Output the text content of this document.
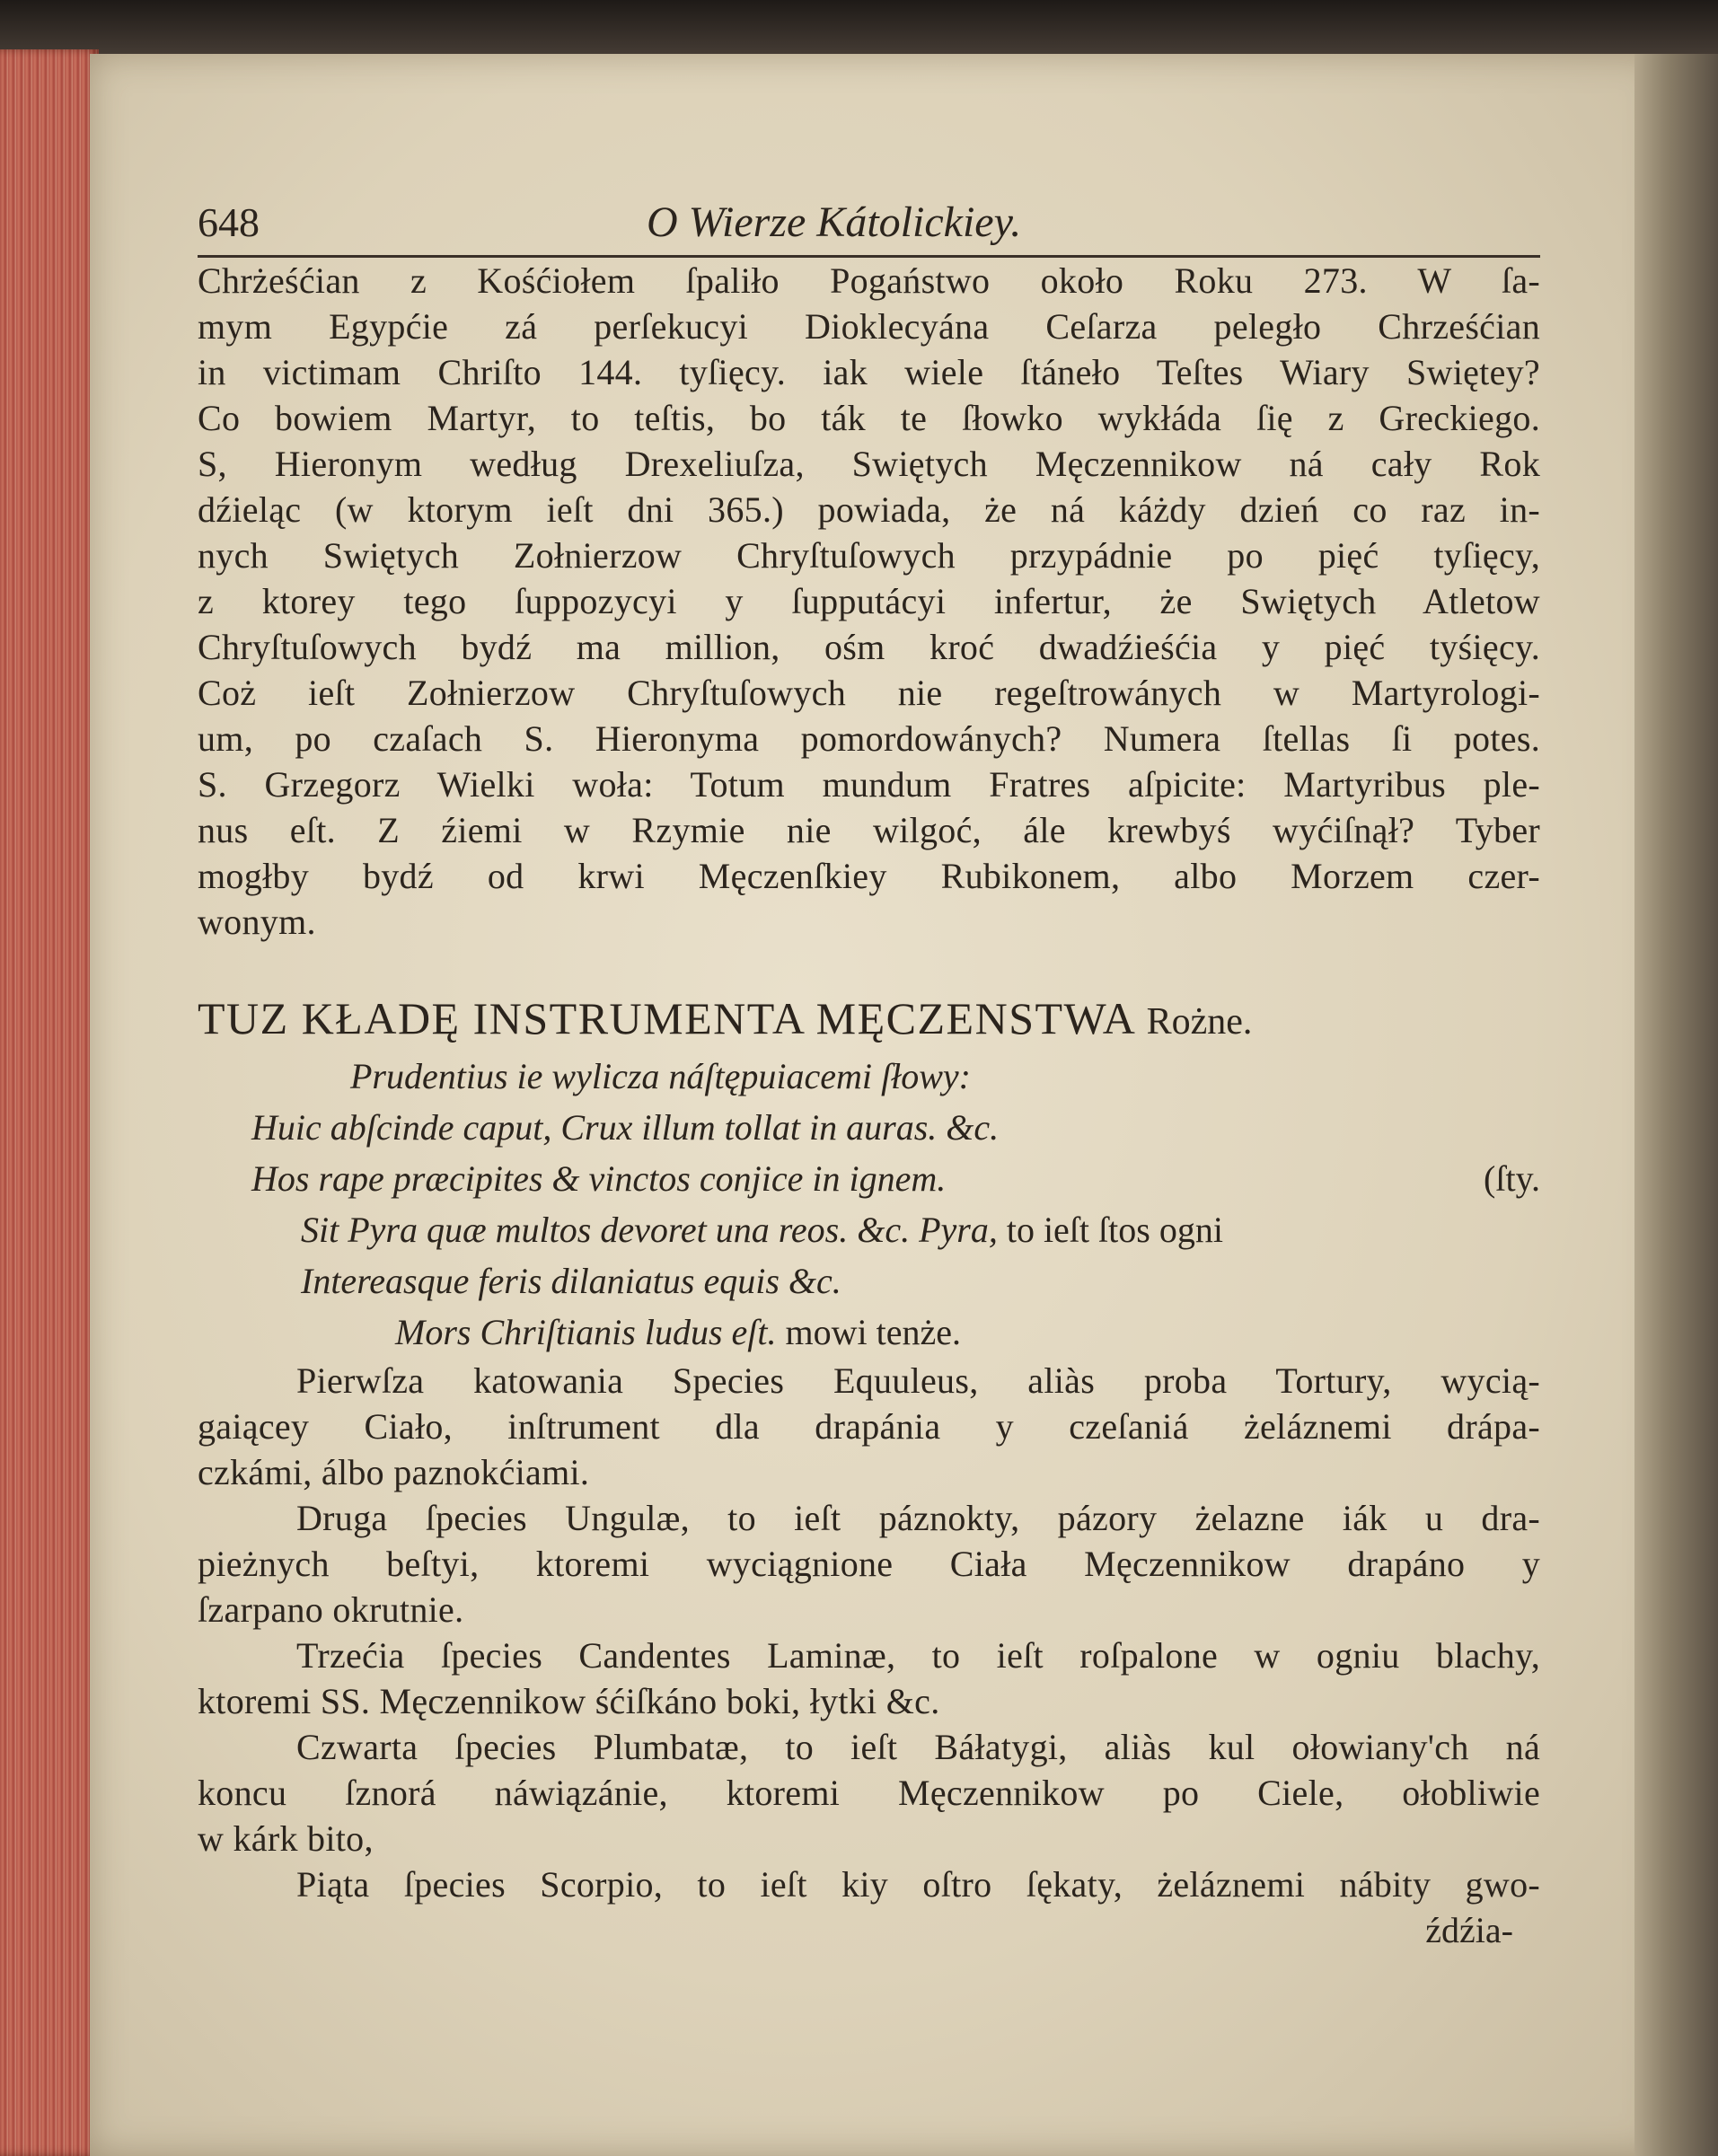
648	O Wierze Kátolickiey.
Chrżeśćian z Kośćiołem ſpaliło Pogaństwo około Roku 273. W ſa-
mym Egypćie zá perſekucyi Dioklecyána Ceſarza peległo Chrześćian
in victimam Chriſto 144. tyſięcy. iak wiele ſtáneło Teſtes Wiary Swiętey?
Co bowiem Martyr, to teſtis, bo ták te ſłowko wykłáda ſię z Greckiego.
S, Hieronym według Drexeliuſza, Swiętych Męczennikow ná cały Rok
dźieląc (w ktorym ieſt dni 365.) powiada, że ná káżdy dzień co raz in-
nych Swiętych Zołnierzow Chryſtuſowych przypádnie po pięć tyſięcy,
z ktorey tego ſuppozycyi y ſupputácyi infertur, że Swiętych Atletow
Chryſtuſowych bydź ma million, ośm kroć dwadźieśćia y pięć tyśięcy.
Coż ieſt Zołnierzow Chryſtuſowych nie regeſtrowánych w Martyrologi-
um, po czaſach S. Hieronyma pomordowánych? Numera ſtellas ſi potes.
S. Grzegorz Wielki woła: Totum mundum Fratres aſpicite: Martyribus ple-
nus eſt. Z źiemi w Rzymie nie wilgoć, ále krewbyś wyćiſnął? Tyber
mogłby bydź od krwi Męczenſkiey Rubikonem, albo Morzem czer-
wonym.
TUZ KŁADĘ INSTRUMENTA MĘCZENSTWA Rożne.
Prudentius ie wylicza náſtępuiacemi ſłowy:
Huic abſcinde caput, Crux illum tollat in auras. &c.
Hos rape præcipites & vinctos conjice in ignem.	(ſty.
Sit Pyra quæ multos devoret una reos. &c. Pyra, to ieſt ſtos ogni
Intereasque feris dilaniatus equis &c.
Mors Chriſtianis ludus eſt. mowi tenże.
Pierwſza katowania Species Equuleus, aliàs proba Tortury, wycią-
gaiącey Ciało, inſtrument dla drapánia y czeſaniá żeláznemi drápa-
czkámi, álbo paznokćiami.
Druga ſpecies Ungulæ, to ieſt páznokty, pázory żelazne iák u dra-
pieżnych beſtyi, ktoremi wyciągnione Ciała Męczennikow drapáno y
ſzarpano okrutnie.
Trzećia ſpecies Candentes Laminæ, to ieſt roſpalone w ogniu blachy,
ktoremi SS. Męczennikow śćiſkáno boki, łytki &c.
Czwarta ſpecies Plumbatæ, to ieſt Báłatygi, aliàs kul ołowiany'ch ná
koncu ſznorá náwiązánie, ktoremi Męczennikow po Ciele, ołobliwie
w kárk bito,
Piąta ſpecies Scorpio, to ieſt kiy oſtro ſękaty, żeláznemi nábity gwo-
źdźia-
